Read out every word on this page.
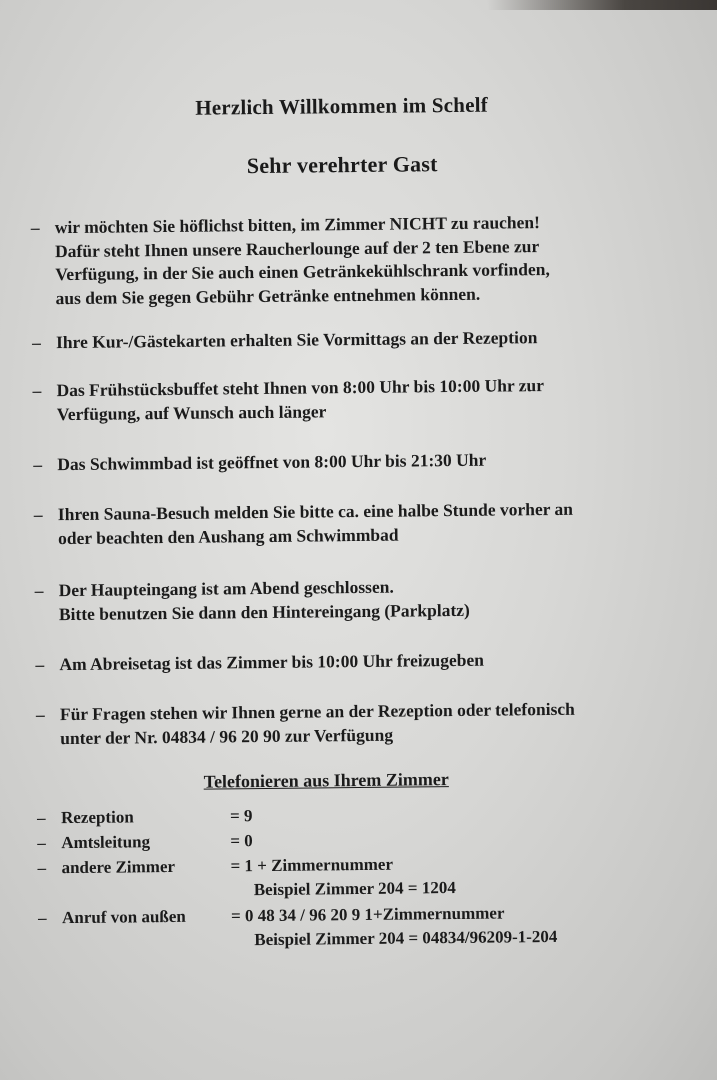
Herzlich Willkommen im Schelf
Sehr verehrter Gast
– wir möchten Sie höflichst bitten, im Zimmer NICHT zu rauchen!
Dafür steht Ihnen unsere Raucherlounge auf der 2 ten Ebene zur
Verfügung, in der Sie auch einen Getränkekühlschrank vorfinden,
aus dem Sie gegen Gebühr Getränke entnehmen können.
– Ihre Kur-/Gästekarten erhalten Sie Vormittags an der Rezeption
– Das Frühstücksbuffet steht Ihnen von 8:00 Uhr bis 10:00 Uhr zur
Verfügung, auf Wunsch auch länger
– Das Schwimmbad ist geöffnet von 8:00 Uhr bis 21:30 Uhr
– Ihren Sauna-Besuch melden Sie bitte ca. eine halbe Stunde vorher an
oder beachten den Aushang am Schwimmbad
– Der Haupteingang ist am Abend geschlossen.
Bitte benutzen Sie dann den Hintereingang (Parkplatz)
– Am Abreisetag ist das Zimmer bis 10:00 Uhr freizugeben
– Für Fragen stehen wir Ihnen gerne an der Rezeption oder telefonisch
unter der Nr. 04834 / 96 20 90 zur Verfügung
Telefonieren aus Ihrem Zimmer
– Rezeption	= 9
– Amtsleitung	= 0
– andere Zimmer	= 1 + Zimmernummer
Beispiel Zimmer 204 = 1204
– Anruf von außen	= 0 48 34 / 96 20 9 1+Zimmernummer
Beispiel Zimmer 204 = 04834/96209-1-204
